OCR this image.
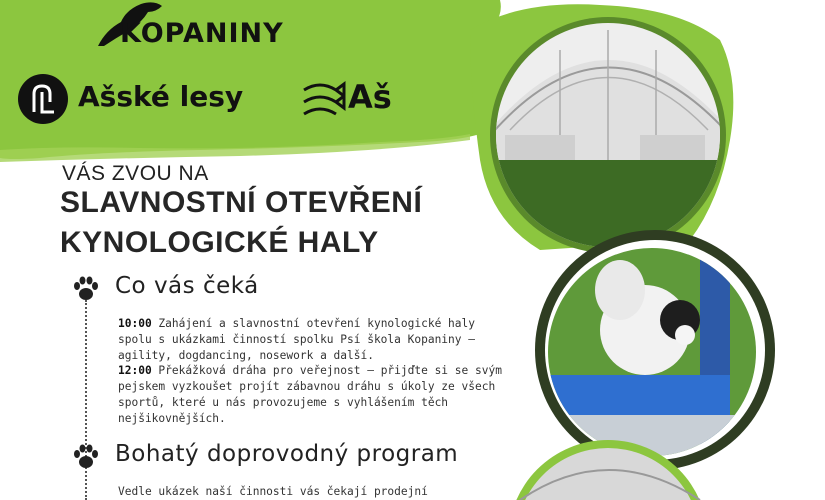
KOPANINY
Ašské lesy	Aš
VÁS ZVOU NA
SLAVNOSTNÍ OTEVŘENÍ
KYNOLOGICKÉ HALY
Co vás čeká

10:00 Zahájení a slavnostní otevření kynologické haly spolu s ukázkami činností spolku Psí škola Kopaniny – agility, dogdancing, nosework a další.

12:00 Překážková dráha pro veřejnost – přijďte si se svým pejskem vyzkoušet projít zábavnou dráhu s úkoly ze všech sportů, které u nás provozujeme s vyhlášením těch nejšikovnějších.

Bohatý doprovodný program
Vedle ukázek naší činnosti vás čekají prodejní
